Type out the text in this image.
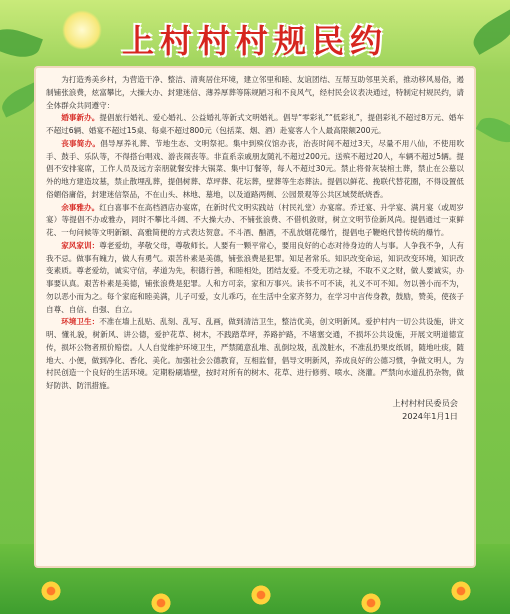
上村村村规民约

为打造秀美乡村，为营造干净、整洁、清爽居住环境，建立邻里和睦、友谊团结、互帮互助邻里关系，推动移风易俗，遏制铺张浪费，炫富攀比，大操大办、封建迷信、薄养厚葬等陈规陋习和不良风气，经村民会议表决通过，特制定村规民约，请全体群众共同遵守：

婚事新办。提倡旅行婚礼、爱心婚礼、公益婚礼等新式文明婚礼。倡导“零彩礼”“低彩礼”，提倡彩礼不超过8万元、婚车不超过6辆、婚宴不超过15桌、每桌不超过800元（包括菜、烟、酒）赴宴客人个人最高限额200元。

丧事简办。倡导厚养礼葬、节地生态、文明祭祀。集中到殡仪馆办丧，治丧时间不超过3天，尽量不用八仙，不使用吹手、鼓手、乐队等，不得搭台唱戏、游丧闹丧等。非直系亲戚朋友随礼不超过200元。送殡不超过20人，车辆不超过5辆。提倡不安排宴席，工作人员及远方亲朋就餐安排大锅菜、集中订餐等，每人不超过30元。禁止将骨灰装棺土葬，禁止在公墓以外的地方建造坟墓，禁止散埋乱葬，提倡树葬、草坪葬、花坛葬，壁葬等生态葬法。提倡以鲜花、挽联代替花圈，不得设置低俗媚俗庸俗，封建迷信祭品，不在山头、林地、墓地，以及道路两侧、公园景观等公共区域焚纸烧香。

余事雅办。红白喜事不在高档酒店办宴席，在新时代文明实践站（村民礼堂）办宴席。乔迁宴、升学宴、满月宴（或周岁宴）等提倡不办或雅办，同时不攀比斗阔、不大操大办、不铺张浪费、不借机敛财，树立文明节俭新风尚。提倡通过一束鲜花、一句问候等文明新颖、高雅简便的方式表达贺意。不斗酒、酗酒，不乱放烟花爆竹，提倡电子鞭炮代替传统的爆竹。

家风家训：尊老爱幼，孝敬父母，尊敬师长。人要有一颗平常心，要用良好的心态对待身边的人与事。人争我不争，人有我不忌。做事有魄力，做人有勇气。艰苦朴素是美德，铺张浪费是犯罪。知足者常乐。知识改变命运，知识改变环境，知识改变素质。尊老爱幼，诚实守信，孝道为先，积德行善，和睦相处，团结友爱。不受无功之禄，不取不义之财，做人要诚实，办事要认真。艰苦朴素是美德，铺张浪费是犯罪。人和方可亲，家和万事兴。读书不可不读，礼义不可不知。勿以善小而不为，勿以恶小而为之。每个家庭和睦美满，儿子可爱，女儿乖巧，在生活中全家齐努力，在学习中言传身教，鼓励，赞美，使孩子自尊、自信、自强、自立。

环境卫生：不准在墙上乱贴、乱刻、乱写、乱画，做到清洁卫生，整洁优美，创文明新风。爱护村内一切公共设施，讲文明、懂礼貌，树新风、讲公德，爱护花草、树木，不践踏草坪，养路护路，不堵塞交通，不损坏公共设施，开展文明道德宣传，损坏公物者照价赔偿。人人自觉维护环境卫生，严禁随意乱堆、乱倒垃圾，乱泼脏水，不准乱扔果皮纸屑，随地吐痰，随地大、小便，做到净化、香化、美化。加强社会公德教育，互相监督，倡导文明新风，养成良好的公德习惯，争做文明人，为村民创造一个良好的生活环境。定期粉刷墙壁，按时对所有的树木、花草、进行修剪、喷水、浇灌。严禁向水道乱扔杂物，做好防洪、防汛措施。

上村村村民委员会
2024年1月1日
